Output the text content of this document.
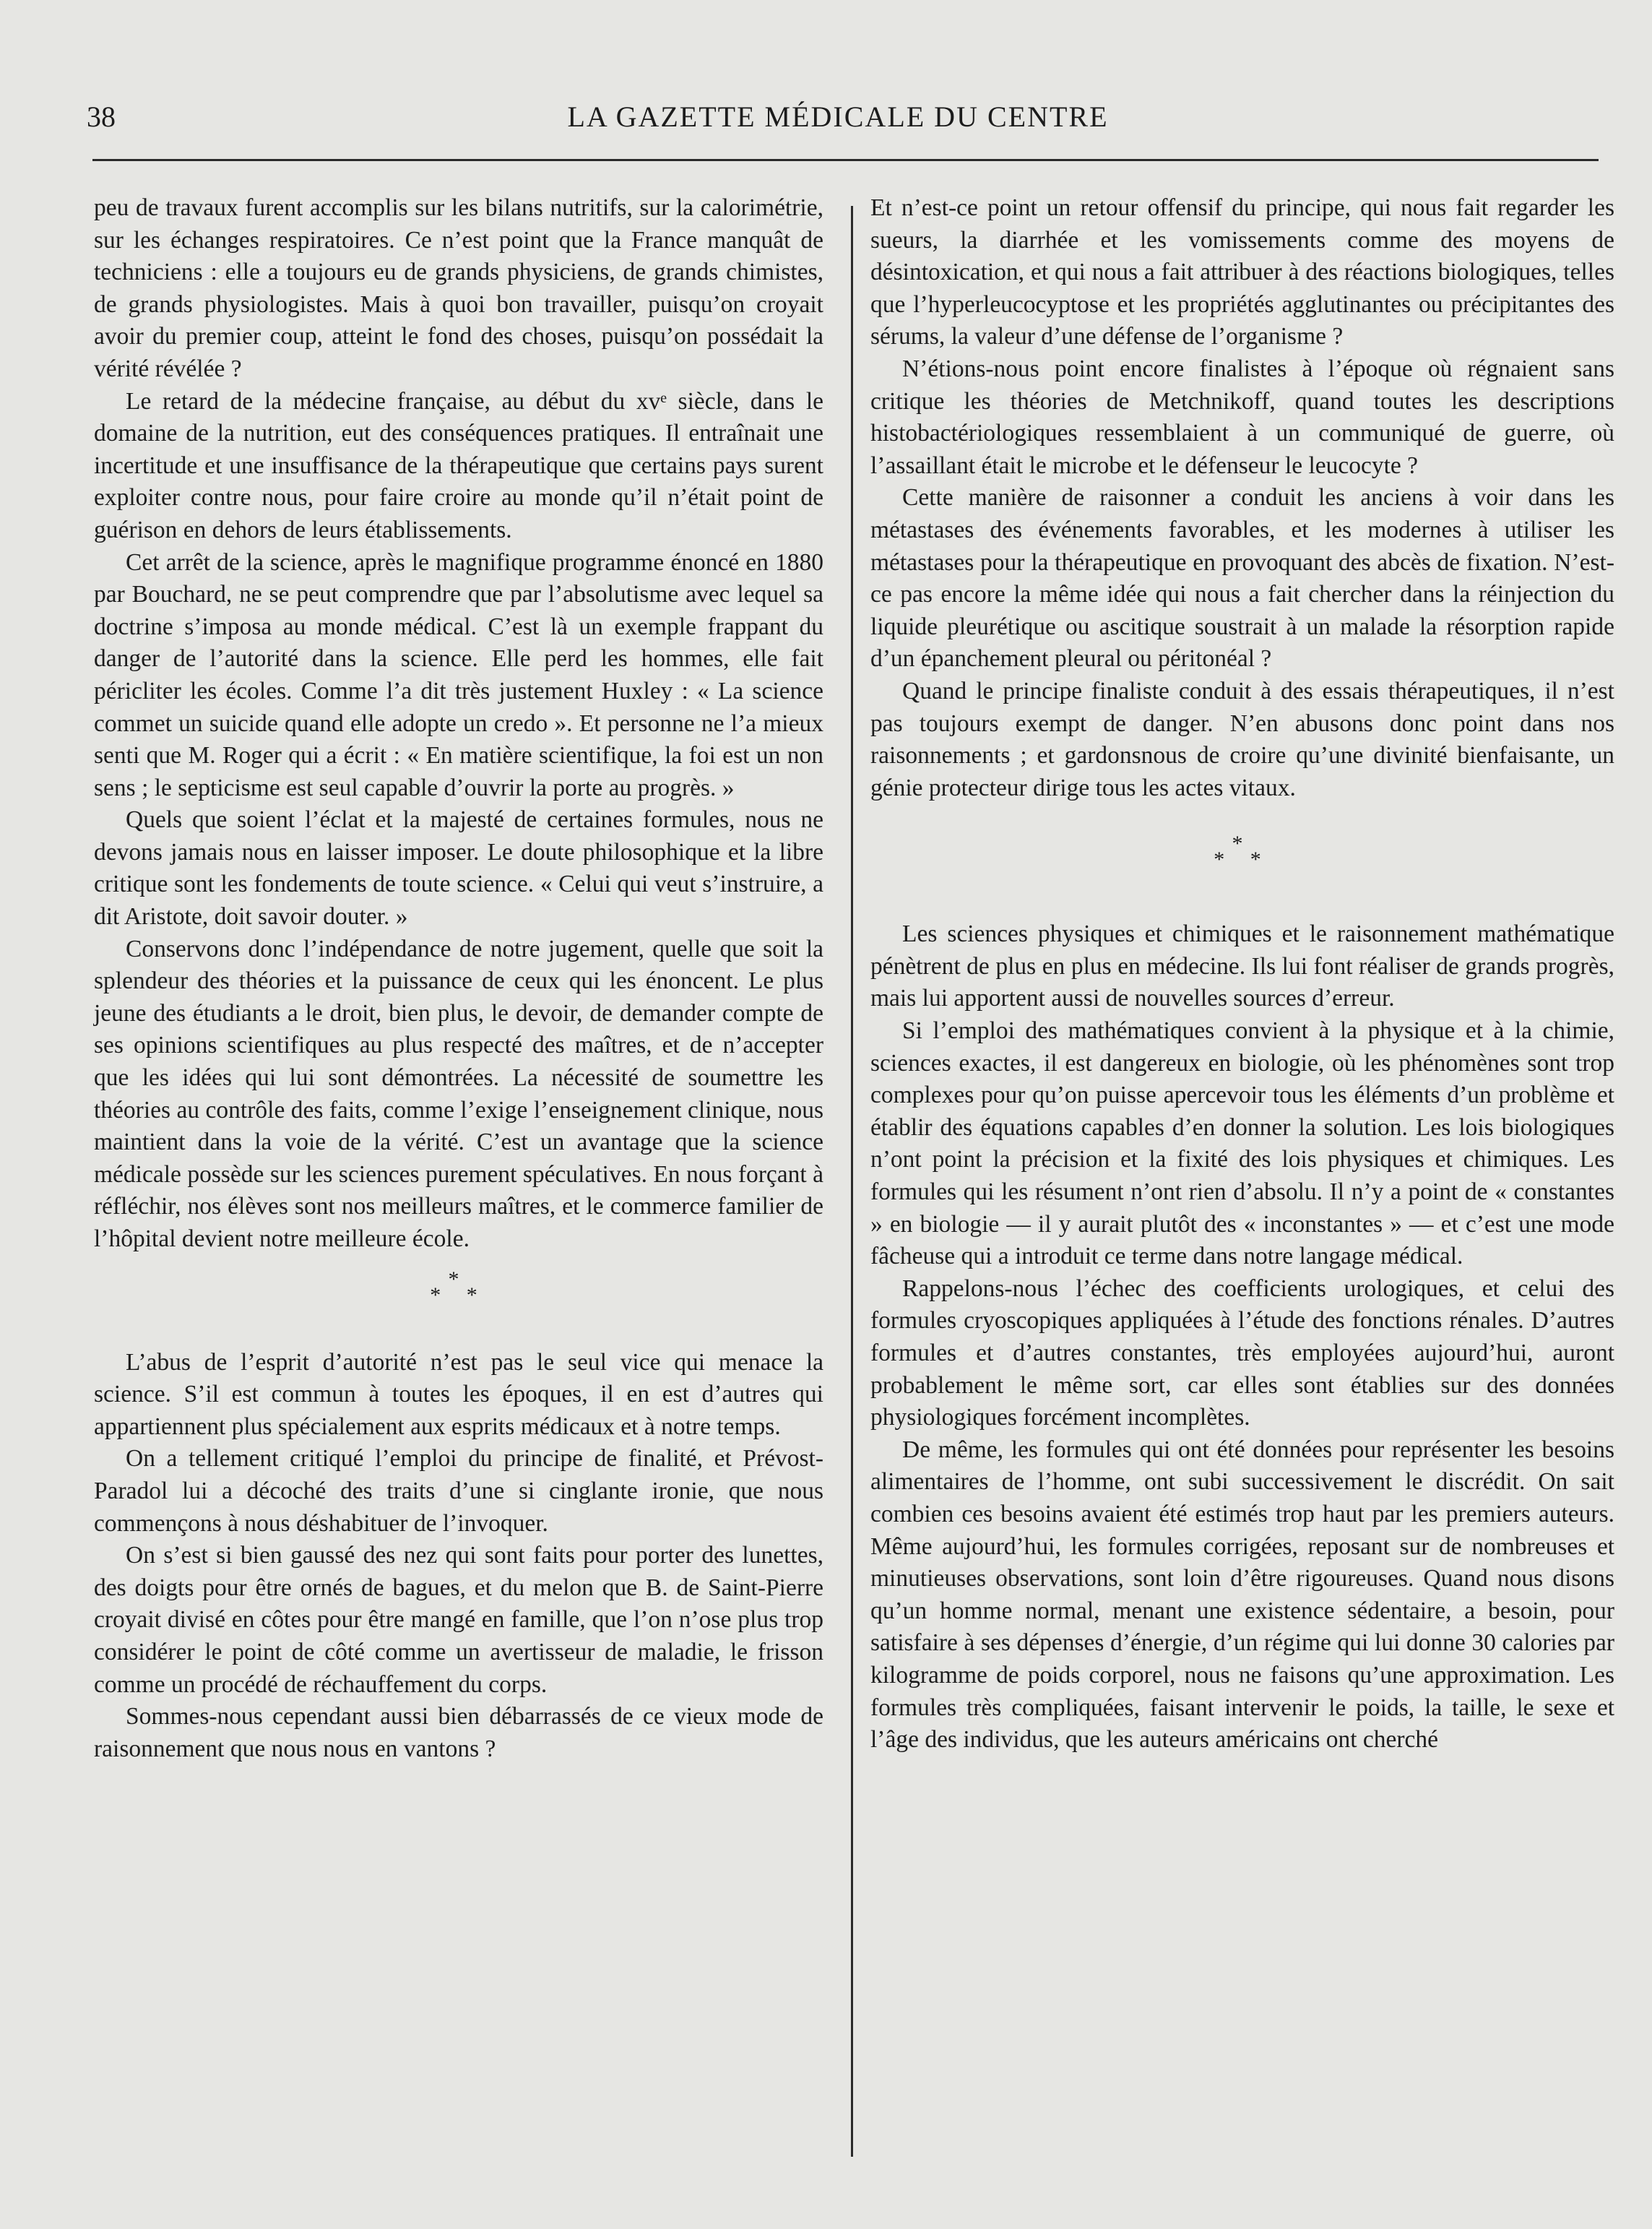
38	LA GAZETTE MÉDICALE DU CENTRE

peu de travaux furent accomplis sur les bilans nutritifs, sur la calorimétrie, sur les échanges respiratoires. Ce n’est point que la France manquât de techniciens : elle a toujours eu de grands physiciens, de grands chimistes, de grands physiologistes. Mais à quoi bon travailler, puisqu’on croyait avoir du premier coup, atteint le fond des choses, puisqu’on possédait la vérité révélée ?

Le retard de la médecine française, au début du xvᵉ siècle, dans le domaine de la nutrition, eut des conséquences pratiques. Il entraînait une incertitude et une insuffisance de la thérapeutique que certains pays surent exploiter contre nous, pour faire croire au monde qu’il n’était point de guérison en dehors de leurs établissements.

Cet arrêt de la science, après le magnifique programme énoncé en 1880 par Bouchard, ne se peut comprendre que par l’absolutisme avec lequel sa doctrine s’imposa au monde médical. C’est là un exemple frappant du danger de l’autorité dans la science. Elle perd les hommes, elle fait péricliter les écoles. Comme l’a dit très justement Huxley : « La science commet un suicide quand elle adopte un credo ». Et personne ne l’a mieux senti que M. Roger qui a écrit : « En matière scientifique, la foi est un non sens ; le septicisme est seul capable d’ouvrir la porte au progrès. »

Quels que soient l’éclat et la majesté de certaines formules, nous ne devons jamais nous en laisser imposer. Le doute philosophique et la libre critique sont les fondements de toute science. « Celui qui veut s’instruire, a dit Aristote, doit savoir douter. »

Conservons donc l’indépendance de notre jugement, quelle que soit la splendeur des théories et la puissance de ceux qui les énoncent. Le plus jeune des étudiants a le droit, bien plus, le devoir, de demander compte de ses opinions scientifiques au plus respecté des maîtres, et de n’accepter que les idées qui lui sont démontrées. La nécessité de soumettre les théories au contrôle des faits, comme l’exige l’enseignement clinique, nous maintient dans la voie de la vérité. C’est un avantage que la science médicale possède sur les sciences purement spéculatives. En nous forçant à réfléchir, nos élèves sont nos meilleurs maîtres, et le commerce familier de l’hôpital devient notre meilleure école.

*
* *

L’abus de l’esprit d’autorité n’est pas le seul vice qui menace la science. S’il est commun à toutes les époques, il en est d’autres qui appartiennent plus spécialement aux esprits médicaux et à notre temps.

On a tellement critiqué l’emploi du principe de finalité, et Prévost-Paradol lui a décoché des traits d’une si cinglante ironie, que nous commençons à nous déshabituer de l’invoquer.

On s’est si bien gaussé des nez qui sont faits pour porter des lunettes, des doigts pour être ornés de bagues, et du melon que B. de Saint-Pierre croyait divisé en côtes pour être mangé en famille, que l’on n’ose plus trop considérer le point de côté comme un avertisseur de maladie, le frisson comme un procédé de réchauffement du corps.

Sommes-nous cependant aussi bien débarrassés de ce vieux mode de raisonnement que nous nous en vantons ?

Et n’est-ce point un retour offensif du principe, qui nous fait regarder les sueurs, la diarrhée et les vomissements comme des moyens de désintoxication, et qui nous a fait attribuer à des réactions biologiques, telles que l’hyperleucocyptose et les propriétés agglutinantes ou précipitantes des sérums, la valeur d’une défense de l’organisme ?

N’étions-nous point encore finalistes à l’époque où régnaient sans critique les théories de Metchnikoff, quand toutes les descriptions histobactériologiques ressemblaient à un communiqué de guerre, où l’assaillant était le microbe et le défenseur le leucocyte ?

Cette manière de raisonner a conduit les anciens à voir dans les métastases des événements favorables, et les modernes à utiliser les métastases pour la thérapeutique en provoquant des abcès de fixation. N’est-ce pas encore la même idée qui nous a fait chercher dans la réinjection du liquide pleurétique ou ascitique soustrait à un malade la résorption rapide d’un épanchement pleural ou péritonéal ?

Quand le principe finaliste conduit à des essais thérapeutiques, il n’est pas toujours exempt de danger. N’en abusons donc point dans nos raisonnements ; et gardonsnous de croire qu’une divinité bienfaisante, un génie protecteur dirige tous les actes vitaux.

*
* *

Les sciences physiques et chimiques et le raisonnement mathématique pénètrent de plus en plus en médecine. Ils lui font réaliser de grands progrès, mais lui apportent aussi de nouvelles sources d’erreur.

Si l’emploi des mathématiques convient à la physique et à la chimie, sciences exactes, il est dangereux en biologie, où les phénomènes sont trop complexes pour qu’on puisse apercevoir tous les éléments d’un problème et établir des équations capables d’en donner la solution. Les lois biologiques n’ont point la précision et la fixité des lois physiques et chimiques. Les formules qui les résument n’ont rien d’absolu. Il n’y a point de « constantes » en biologie — il y aurait plutôt des « inconstantes » — et c’est une mode fâcheuse qui a introduit ce terme dans notre langage médical.

Rappelons-nous l’échec des coefficients urologiques, et celui des formules cryoscopiques appliquées à l’étude des fonctions rénales. D’autres formules et d’autres constantes, très employées aujourd’hui, auront probablement le même sort, car elles sont établies sur des données physiologiques forcément incomplètes.

De même, les formules qui ont été données pour représenter les besoins alimentaires de l’homme, ont subi successivement le discrédit. On sait combien ces besoins avaient été estimés trop haut par les premiers auteurs. Même aujourd’hui, les formules corrigées, reposant sur de nombreuses et minutieuses observations, sont loin d’être rigoureuses. Quand nous disons qu’un homme normal, menant une existence sédentaire, a besoin, pour satisfaire à ses dépenses d’énergie, d’un régime qui lui donne 30 calories par kilogramme de poids corporel, nous ne faisons qu’une approximation. Les formules très compliquées, faisant intervenir le poids, la taille, le sexe et l’âge des individus, que les auteurs américains ont cherché
